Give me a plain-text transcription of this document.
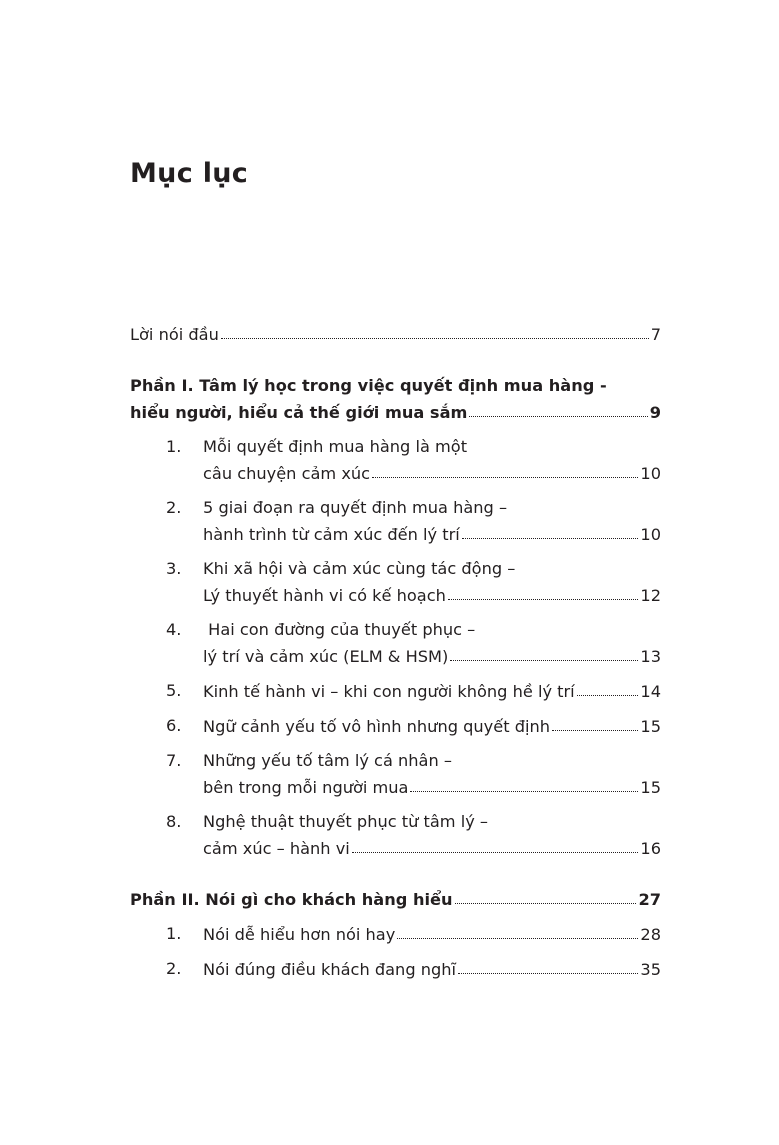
Mục lục
Lời nói đầu	7
Phần I. Tâm lý học trong việc quyết định mua hàng -
hiểu người, hiểu cả thế giới mua sắm	9
1.	Mỗi quyết định mua hàng là một
câu chuyện cảm xúc	10
2.	5 giai đoạn ra quyết định mua hàng –
hành trình từ cảm xúc đến lý trí	10
3.	Khi xã hội và cảm xúc cùng tác động –
Lý thuyết hành vi có kế hoạch	12
4.	Hai con đường của thuyết phục –
lý trí và cảm xúc (ELM & HSM)	13
5.	Kinh tế hành vi – khi con người không hề lý trí	14
6.	Ngữ cảnh yếu tố vô hình nhưng quyết định	15
7.	Những yếu tố tâm lý cá nhân –
bên trong mỗi người mua	15
8.	Nghệ thuật thuyết phục từ tâm lý –
cảm xúc – hành vi	16
Phần II. Nói gì cho khách hàng hiểu	27
1.	Nói dễ hiểu hơn nói hay	28
2.	Nói đúng điều khách đang nghĩ	35
